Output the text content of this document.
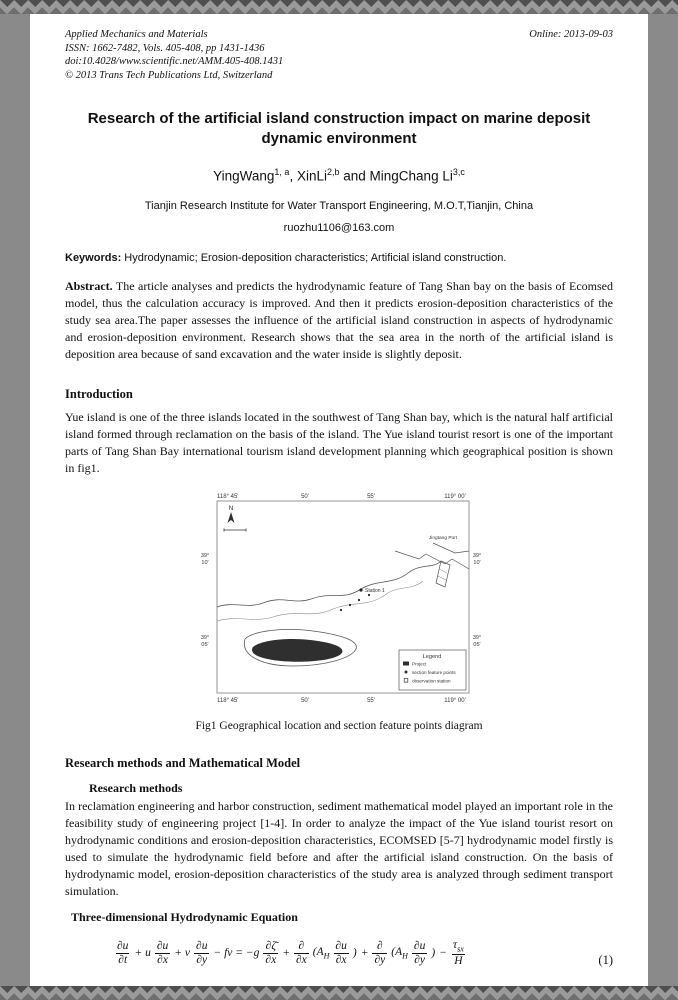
Applied Mechanics and Materials
ISSN: 1662-7482, Vols. 405-408, pp 1431-1436
doi:10.4028/www.scientific.net/AMM.405-408.1431
© 2013 Trans Tech Publications Ltd, Switzerland
Online: 2013-09-03
Research of the artificial island construction impact on marine deposit dynamic environment
YingWang$^{1, a}$, XinLi$^{2,b}$ and MingChang Li$^{3,c}$
Tianjin Research Institute for Water Transport Engineering, M.O.T,Tianjin, China
ruozhu1106@163.com
Keywords: Hydrodynamic; Erosion-deposition characteristics; Artificial island construction.
Abstract. The article analyses and predicts the hydrodynamic feature of Tang Shan bay on the basis of Ecomsed model, thus the calculation accuracy is improved. And then it predicts erosion-deposition characteristics of the study sea area.The paper assesses the influence of the artificial island construction in aspects of hydrodynamic and erosion-deposition environment. Research shows that the sea area in the north of the artificial island is deposition area because of sand excavation and the water inside is slightly deposit.
Introduction
Yue island is one of the three islands located in the southwest of Tang Shan bay, which is the natural half artificial island formed through reclamation on the basis of the island. The Yue island tourist resort is one of the important parts of Tang Shan Bay international tourism island development planning which geographical position is shown in fig1.
118° 45'	50'	55'	119° 00'
118° 45'	50'	55'	119° 00'
39°
10'
39°
05'
39°
10'
39°
05'
N
Jingtang Port
Station 1
Legend
Project
section feature points
observation station
Fig1 Geographical location and section feature points diagram
Research methods and Mathematical Model
Research methods
In reclamation engineering and harbor construction, sediment mathematical model played an important role in the feasibility study of engineering project [1-4]. In order to analyze the impact of the Yue island tourist resort on hydrodynamic conditions and erosion-deposition characteristics, ECOMSED [5-7] hydrodynamic model firstly is used to simulate the hydrodynamic field before and after the artificial island construction. On the basis of hydrodynamic model, erosion-deposition characteristics of the study area is analyzed through sediment transport simulation.
Three-dimensional Hydrodynamic Equation
$\frac{\partial u}{\partial t} + u \frac{\partial u}{\partial x} + v \frac{\partial u}{\partial y}$ − fv = $-g \frac{\partial\zetā}{\partial x} + \frac{\partial}{\partial x} (A_H \frac{\partial u}{\partial x}$ ) + $\frac{\partial}{\partial y} (A_H \frac{\partial u}{\partial y}$ ) − $\frac{\tau_{sx}}{H}$	(1)
